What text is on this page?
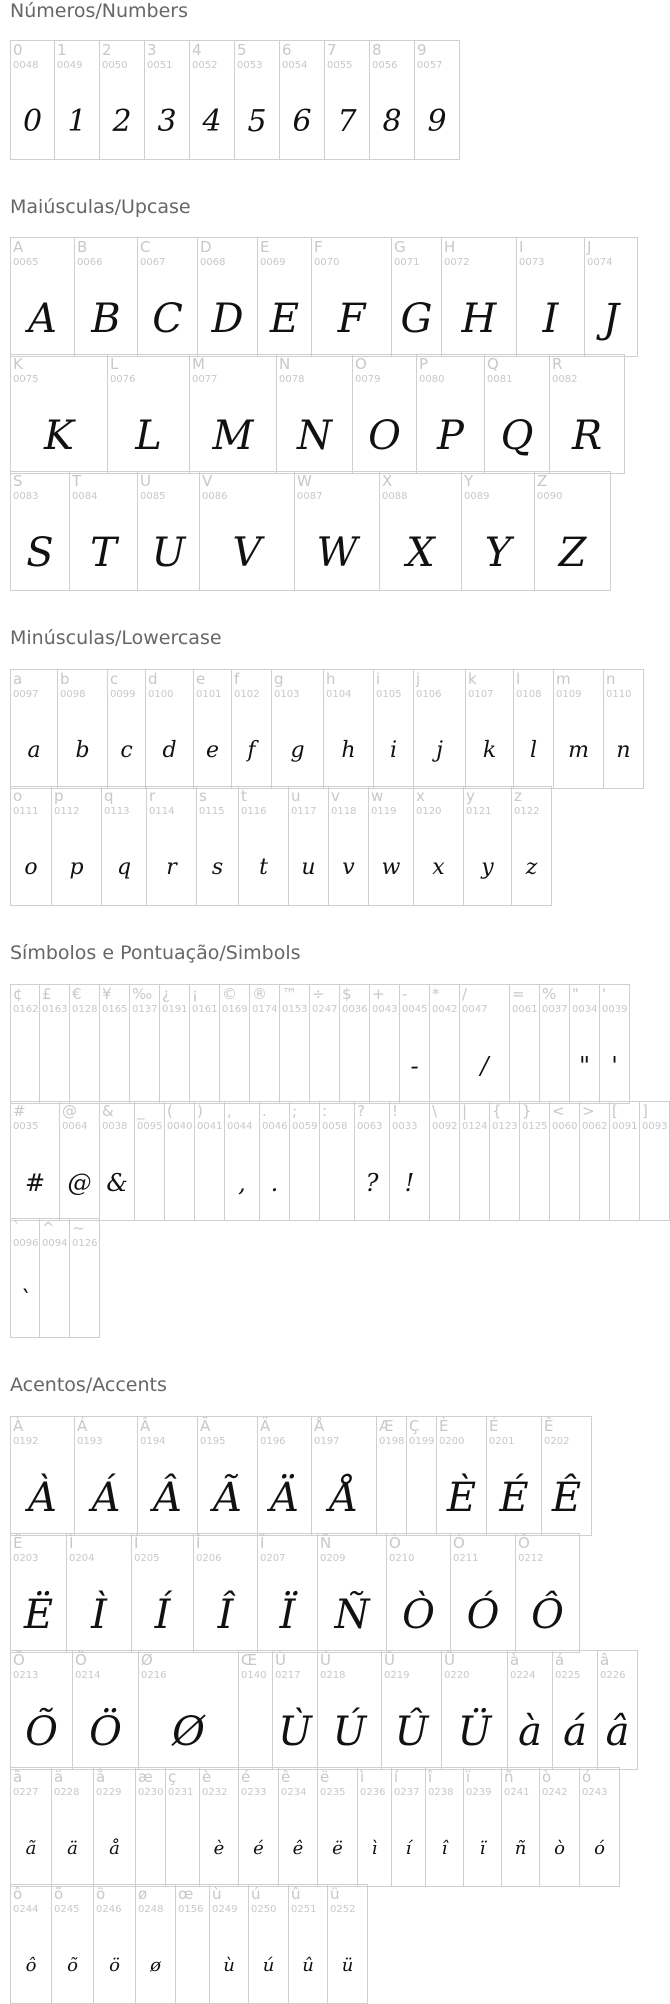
Números/Numbers
0
0048
0
1
0049
1
2
0050
2
3
0051
3
4
0052
4
5
0053
5
6
0054
6
7
0055
7
8
0056
8
9
0057
9
Maiúsculas/Upcase
A
0065
A
B
0066
B
C
0067
C
D
0068
D
E
0069
E
F
0070
F
G
0071
G
H
0072
H
I
0073
I
J
0074
J
K
0075
K
L
0076
L
M
0077
M
N
0078
N
O
0079
O
P
0080
P
Q
0081
Q
R
0082
R
S
0083
S
T
0084
T
U
0085
U
V
0086
V
W
0087
W
X
0088
X
Y
0089
Y
Z
0090
Z
Minúsculas/Lowercase
a
0097
a
b
0098
b
c
0099
c
d
0100
d
e
0101
e
f
0102
f
g
0103
g
h
0104
h
i
0105
i
j
0106
j
k
0107
k
l
0108
l
m
0109
m
n
0110
n
o
0111
o
p
0112
p
q
0113
q
r
0114
r
s
0115
s
t
0116
t
u
0117
u
v
0118
v
w
0119
w
x
0120
x
y
0121
y
z
0122
z
Símbolos e Pontuação/Simbols
¢
0162
£
0163
€
0128
¥
0165
‰
0137
¿
0191
¡
0161
©
0169
®
0174
™
0153
÷
0247
$
0036
+
0043
-
0045
-
*
0042
/
0047
/
=
0061
%
0037
"
0034
"
'
0039
'
#
0035
#
@
0064
@
&
0038
&
_
0095
(
0040
)
0041
,
0044
,
.
0046
.
;
0059
:
0058
?
0063
?
!
0033
!
\
0092
|
0124
{
0123
}
0125
<
0060
>
0062
[
0091
]
0093
`
0096
`
^
0094
~
0126
Acentos/Accents
À
0192
À
Á
0193
Á
Â
0194
Â
Ã
0195
Ã
Ä
0196
Ä
Å
0197
Å
Æ
0198
Ç
0199
È
0200
È
É
0201
É
Ê
0202
Ê
Ë
0203
Ë
Ì
0204
Ì
Í
0205
Í
Î
0206
Î
Ï
0207
Ï
Ñ
0209
Ñ
Ò
0210
Ò
Ó
0211
Ó
Ô
0212
Ô
Õ
0213
Õ
Ö
0214
Ö
Ø
0216
Ø
Œ
0140
Ù
0217
Ù
Ú
0218
Ú
Û
0219
Û
Ü
0220
Ü
à
0224
à
á
0225
á
â
0226
â
ã
0227
ã
ä
0228
ä
å
0229
å
æ
0230
ç
0231
è
0232
è
é
0233
é
ê
0234
ê
ë
0235
ë
ì
0236
ì
í
0237
í
î
0238
î
ï
0239
ï
ñ
0241
ñ
ò
0242
ò
ó
0243
ó
ô
0244
ô
õ
0245
õ
ö
0246
ö
ø
0248
ø
œ
0156
ù
0249
ù
ú
0250
ú
û
0251
û
ü
0252
ü
